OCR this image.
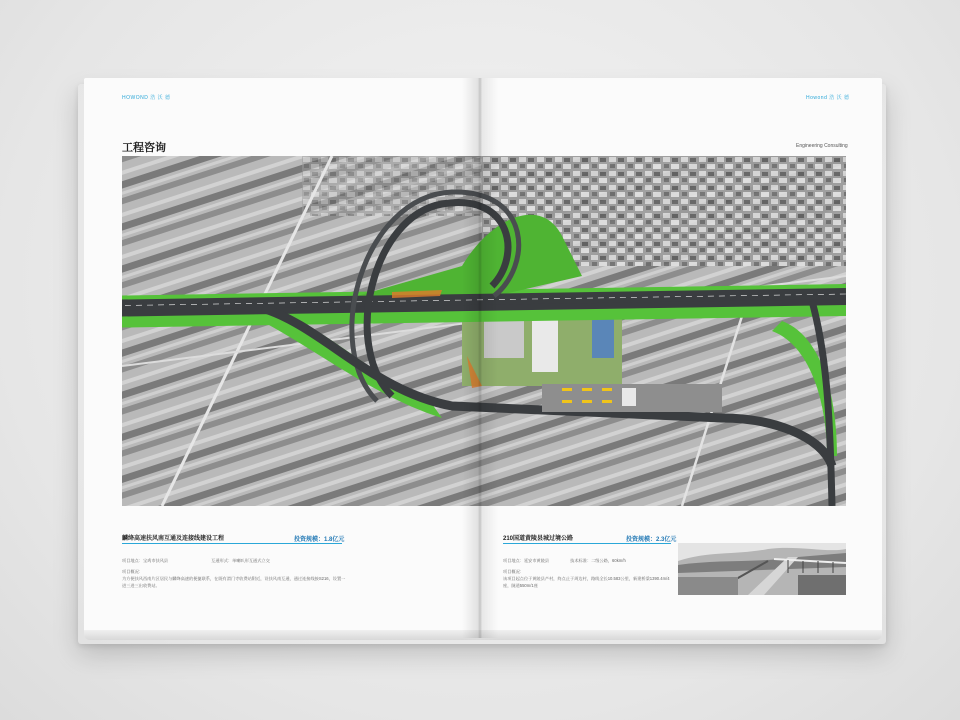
HOWOND 浩 沃 德	Howond 浩 沃 德
工程咨询	Engineering Consulting
麟绛高速扶风南互通及连接线建设工程	投资规模：1.8亿元
项目地点：宝鸡市扶风县	互通形式：单喇叭形互通式立交
项目概况：
为方便扶风西南片区居民与麟绛高速的便捷联系，在既有渭门寺收费站附近，设扶风南互通，通过连接线接S216，设置一进三进三出收费站。
210国道黄陵县城过境公路	投资规模：2.3亿元
项目地点：延安市黄陵县	技术标准：二级公路，60km/h
项目概况：
该项目起点位于黄陵县产村，终点止于周边村，路线全长10.583公里，新建桥梁1390.4m/4座，隧道550m/1座
